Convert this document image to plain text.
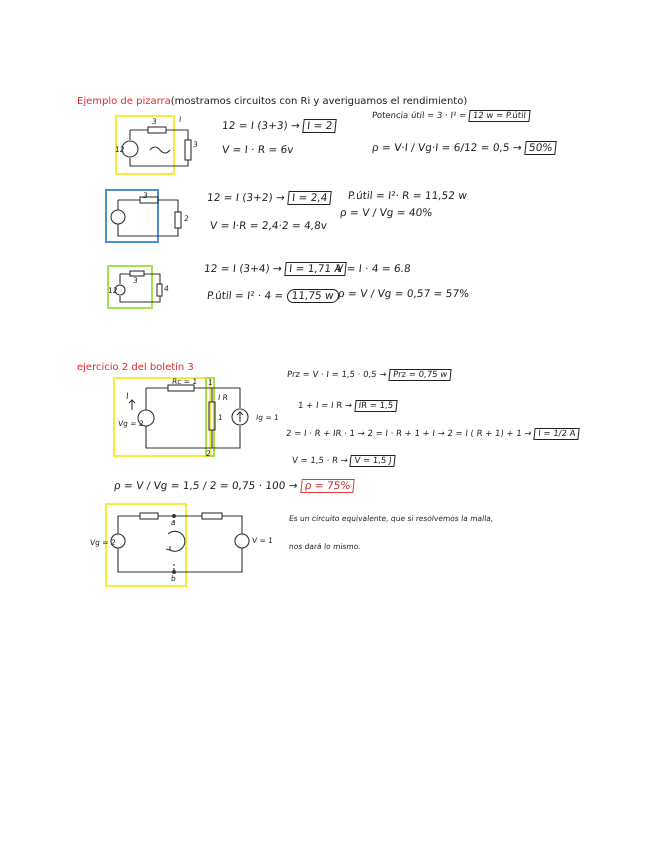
Ejemplo de pizarra(mostramos circuitos con Ri y averiguamos el rendimiento)
3	I
12
3
12 = I (3+3) → I = 2
V = I · R = 6v
Potencia útil = 3 · I² = 12 w = P.útil
ρ = V·I / Vg·I = 6/12 = 0,5 → 50%
3
2
12 = I (3+2) → I = 2,4
V = I·R = 2,4·2 = 4,8v
P.útil = I²· R = 11,52 w
ρ = V / Vg = 40%
3
4
12
12 = I (3+4) → I = 1,71 A
V = I · 4 = 6.8
P.útil = I² · 4 = 11,75 w ρ = V / Vg = 0,57 = 57%
ejercicio 2 del boletín 3
Rc = 1 1
I	I R
Vg = 2
Ig = 1
1
2
Prz = V · I = 1,5 · 0,5 → Prz = 0,75 w
1 + I = I R → IR = 1,5
2 = I · R + IR · 1 → 2 = I · R + 1 + I → 2 = I ( R + 1) + 1 → I = 1/2 A
V = 1,5 · R → V = 1,5 J
ρ = V / Vg = 1,5 / 2 = 0,75 · 100 → ρ = 75%
Vg = 2	V = 1
a
b
Es un circuito equivalente, que si resolvemos la malla,
nos dará lo mismo.
